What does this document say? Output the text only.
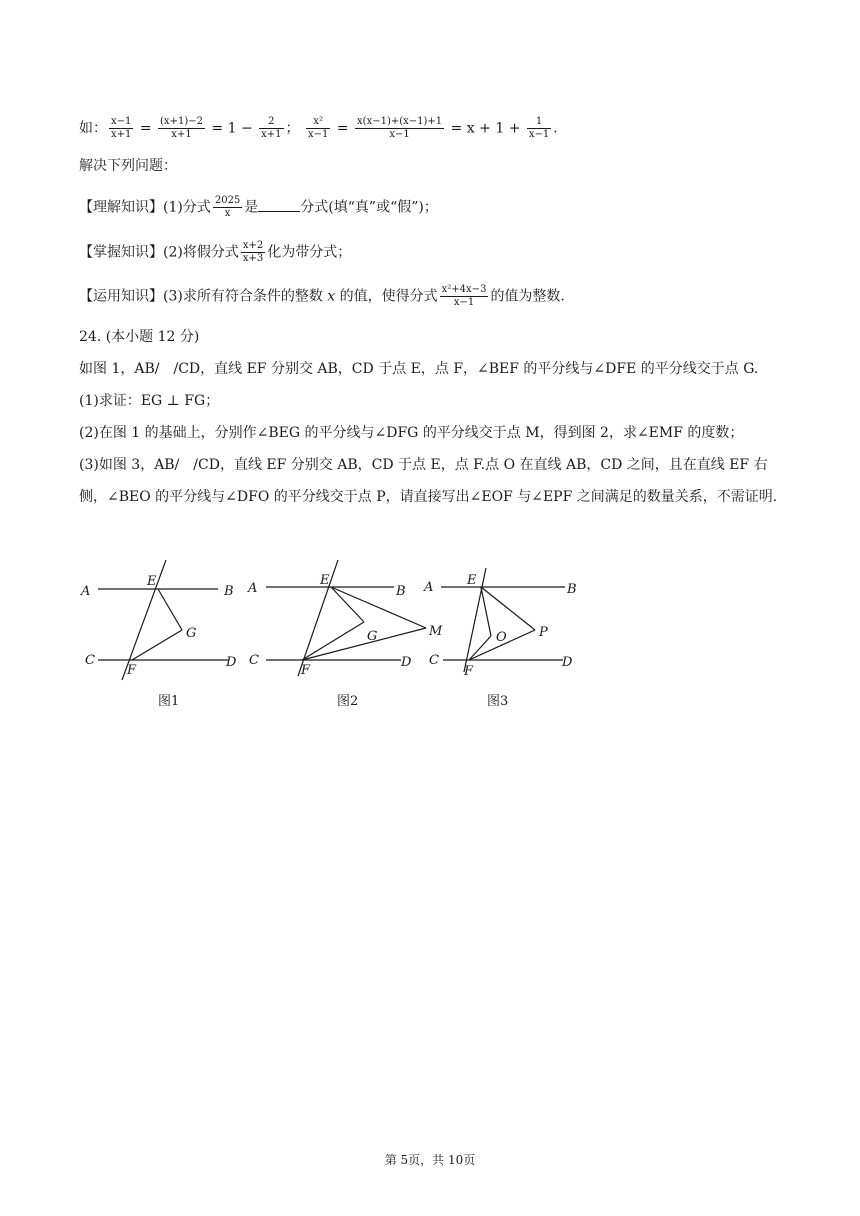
如： $\frac{x-1}{x+1} = \frac{(x+1)-2}{x+1} = 1 - \frac{2}{x+1}$ ； $\frac{\text{x²}}{x-1} = \frac{x(x-1)+(x-1)+1}{x-1} = x + 1 + \frac{1}{x-1}$ .
解决下列问题：
【理解知识】(1)分式 $\frac{2025}{x}$ 是	分式(填“真”或“假”)；
【掌握知识】(2)将假分式 $\frac{x+2}{x+3}$ 化为带分式；
【运用知识】(3)求所有符合条件的整数 x 的值，使得分式 $\frac{\text{x²+4x−3}}{x-1}$ 的值为整数.
24. (本小题 12 分)
如图 1，AB/　/CD，直线 EF 分别交 AB，CD 于点 E，点 F，∠BEF 的平分线与∠DFE 的平分线交于点 G.
(1)求证：EG ⊥ FG；
(2)在图 1 的基础上，分别作∠BEG 的平分线与∠DFG 的平分线交于点 M，得到图 2，求∠EMF 的度数；
(3)如图 3，AB/　/CD，直线 EF 分别交 AB，CD 于点 E，点 F.点 O 在直线 AB，CD 之间，且在直线 EF 右侧，∠BEO 的平分线与∠DFO 的平分线交于点 P，请直接写出∠EOF 与∠EPF 之间满足的数量关系，不需证明.
A	B
C	D
E
F
G
图1
A	B
C	D
E
F
G	M
图2
A	B
C	D
E
F
O P
图3
第 5页，共 10页
